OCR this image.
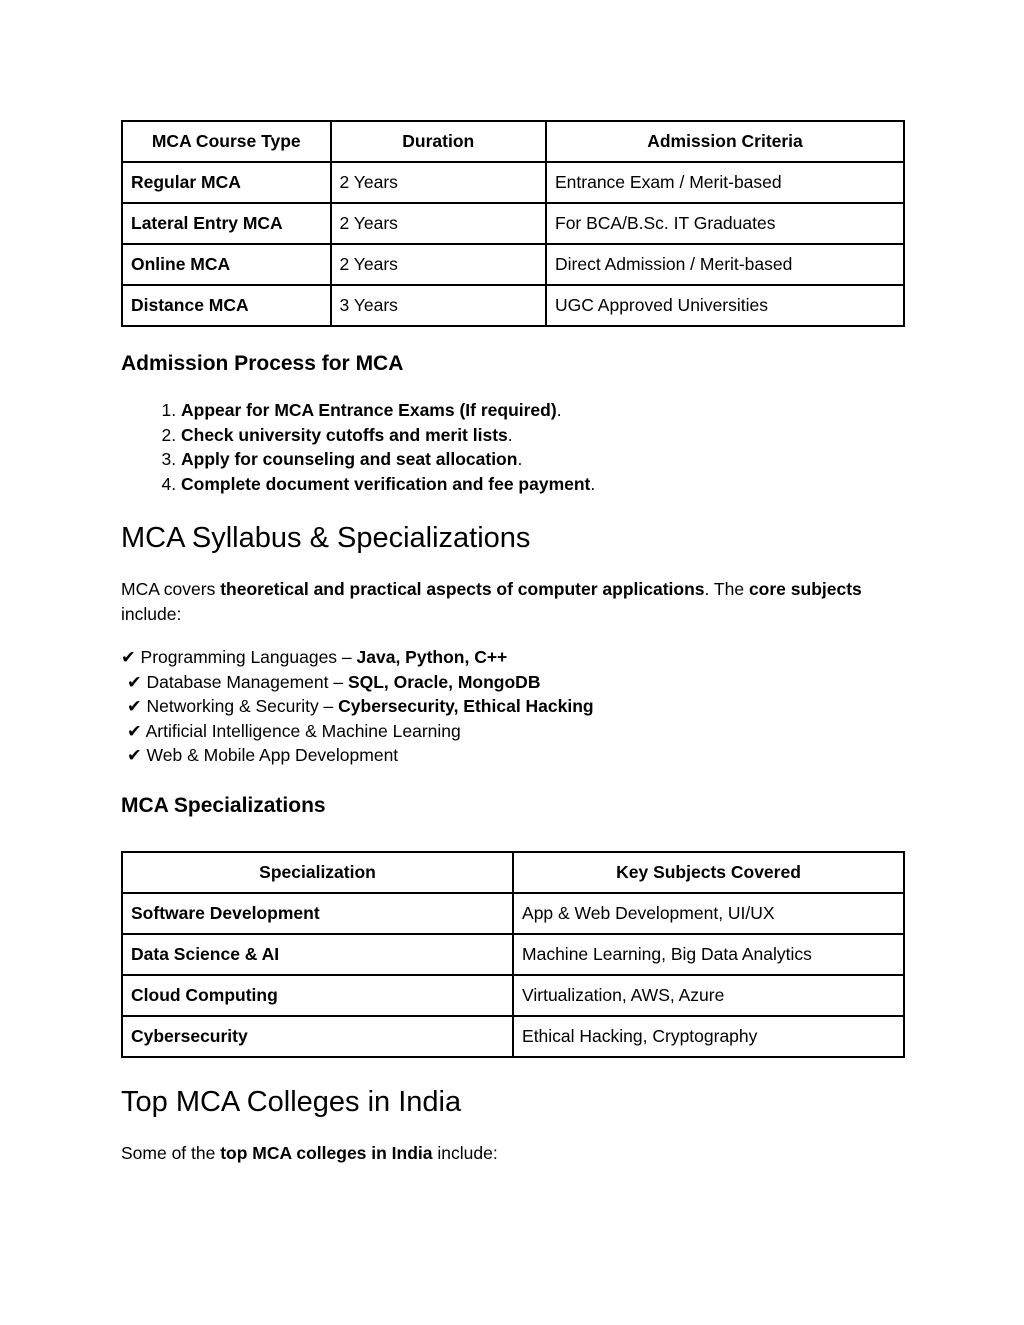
MCA Course Type	Duration	Admission Criteria
Regular MCA	2 Years	Entrance Exam / Merit-based
Lateral Entry MCA	2 Years	For BCA/B.Sc. IT Graduates
Online MCA	2 Years	Direct Admission / Merit-based
Distance MCA	3 Years	UGC Approved Universities
Admission Process for MCA
1. Appear for MCA Entrance Exams (If required).
2. Check university cutoffs and merit lists.
3. Apply for counseling and seat allocation.
4. Complete document verification and fee payment.
MCA Syllabus & Specializations

MCA covers theoretical and practical aspects of computer applications. The core subjects include:

✔ Programming Languages – Java, Python, C++
✔ Database Management – SQL, Oracle, MongoDB
✔ Networking & Security – Cybersecurity, Ethical Hacking
✔ Artificial Intelligence & Machine Learning
✔ Web & Mobile App Development
MCA Specializations
Specialization	Key Subjects Covered
Software Development	App & Web Development, UI/UX
Data Science & AI	Machine Learning, Big Data Analytics
Cloud Computing	Virtualization, AWS, Azure
Cybersecurity	Ethical Hacking, Cryptography
Top MCA Colleges in India

Some of the top MCA colleges in India include:
